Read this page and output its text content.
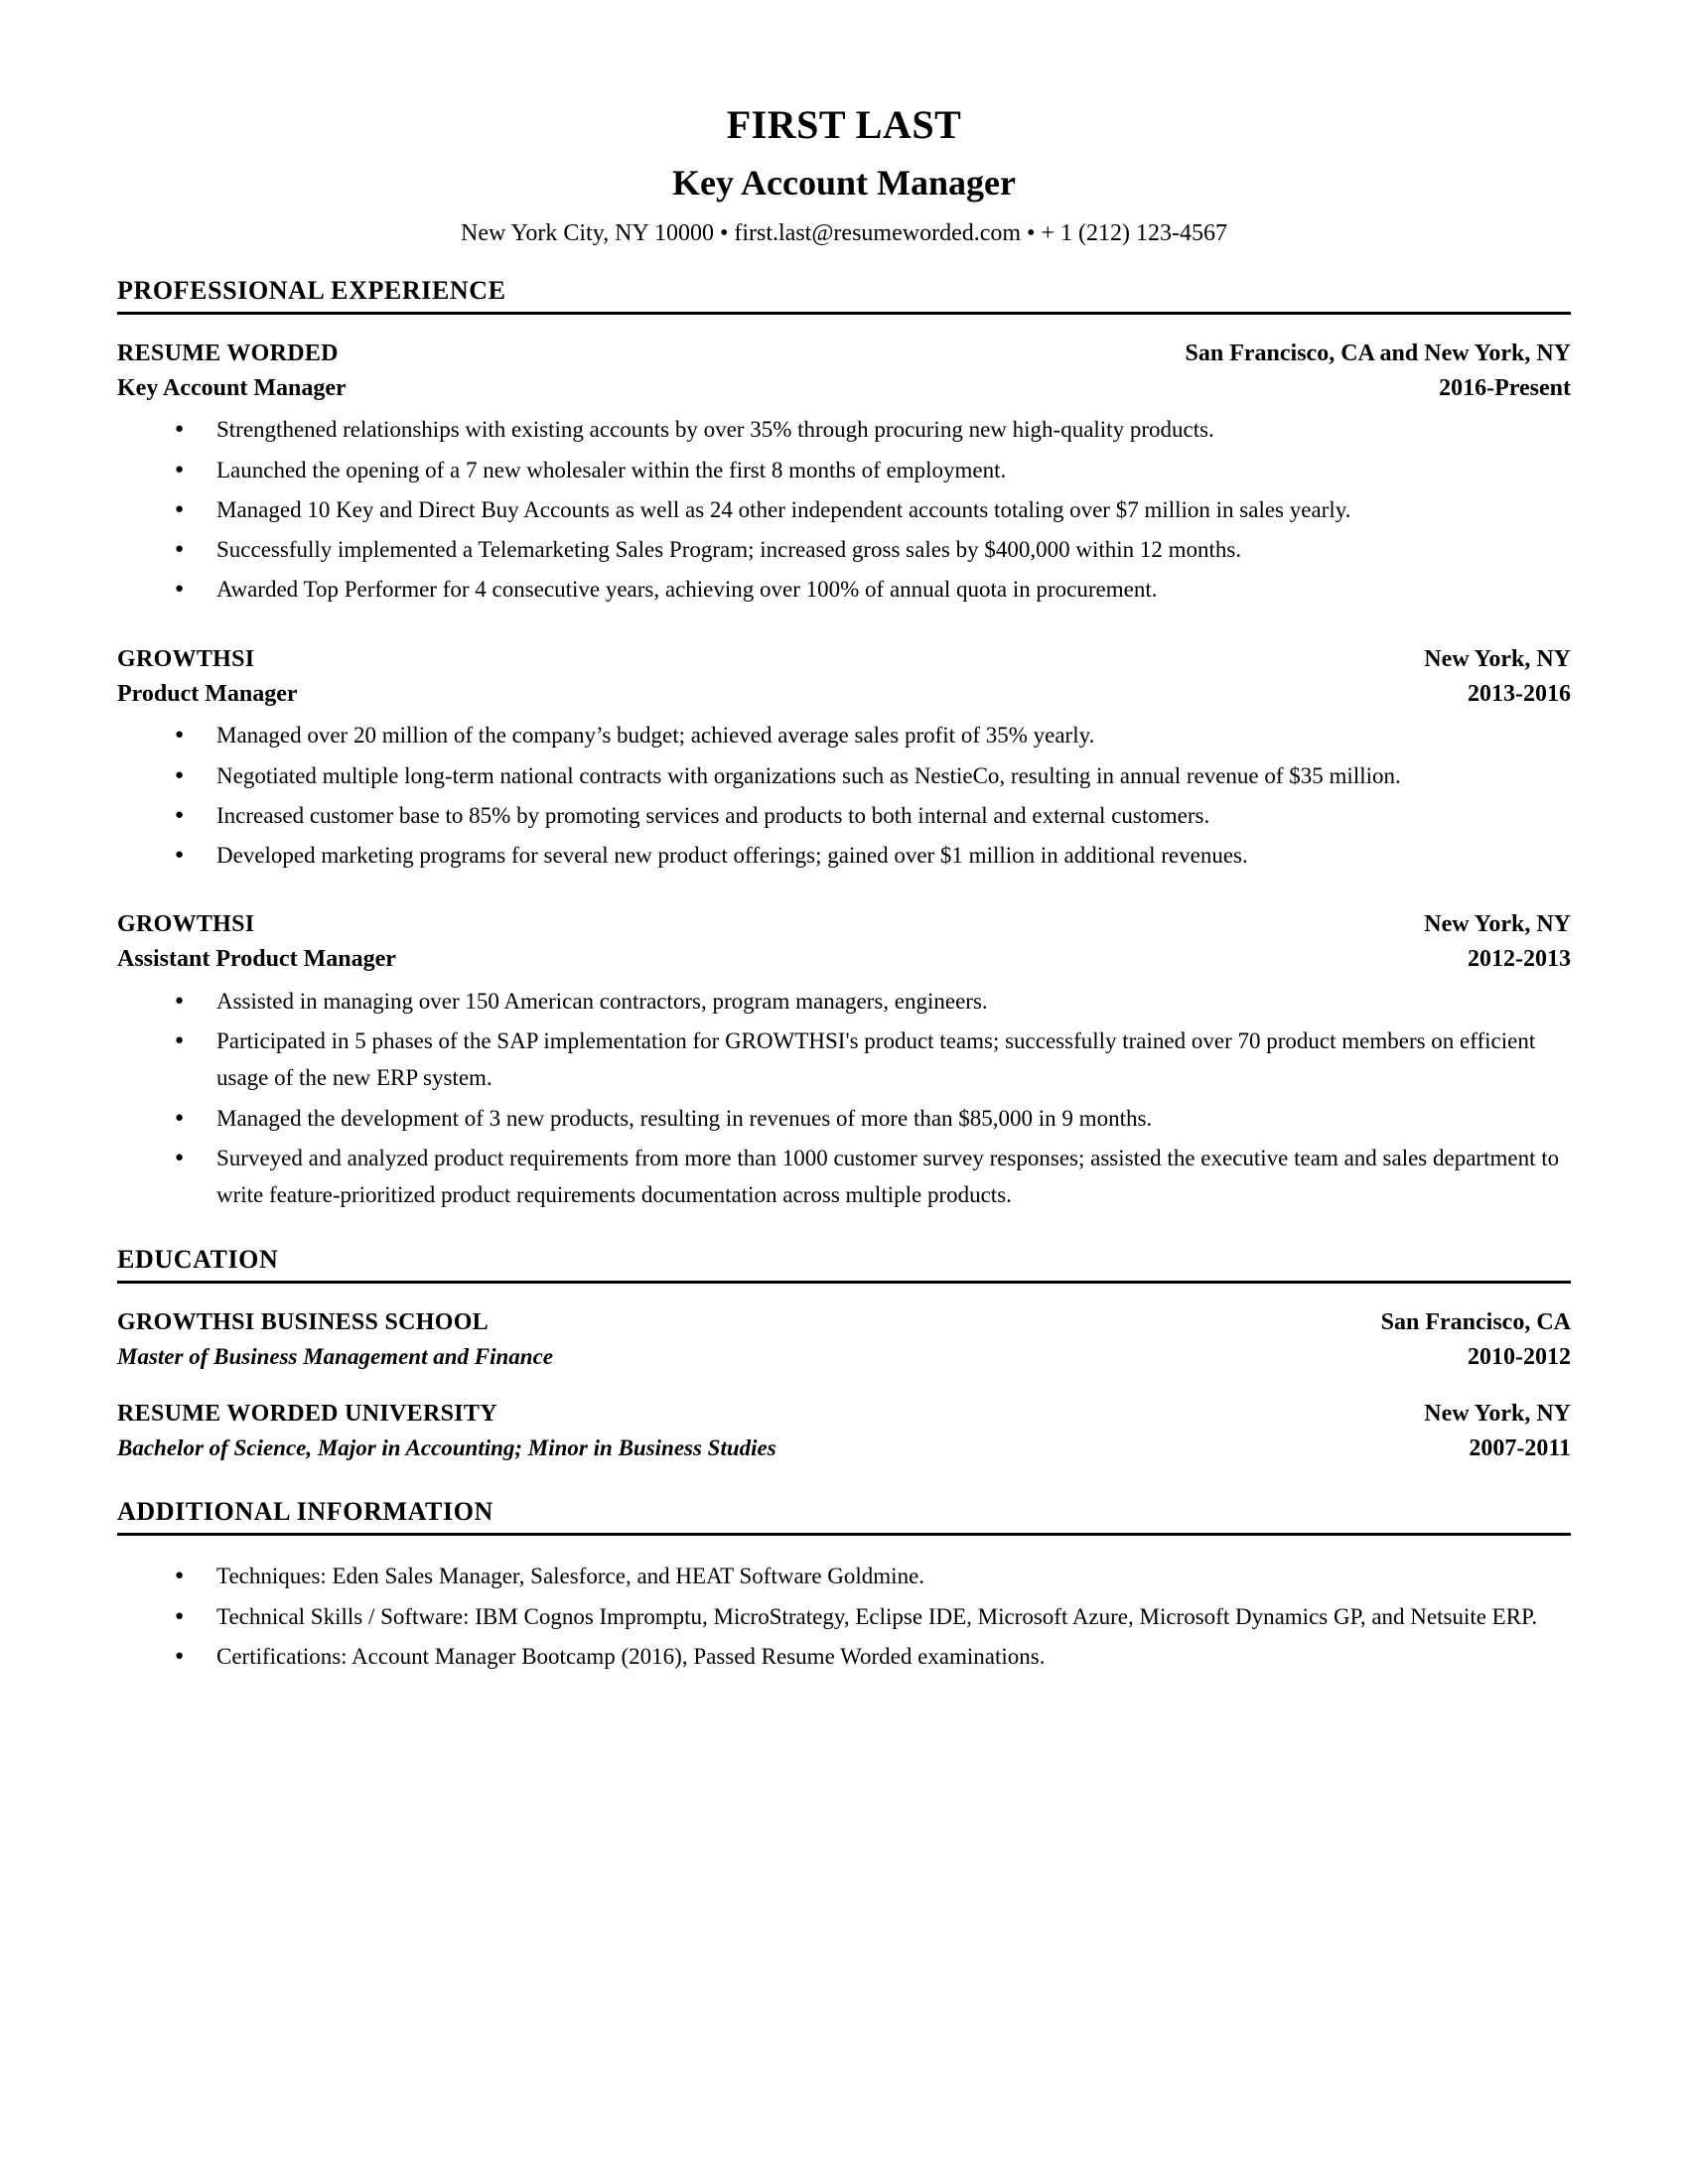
FIRST LAST
Key Account Manager
New York City, NY 10000 • first.last@resumeworded.com • + 1 (212) 123-4567
PROFESSIONAL EXPERIENCE
RESUME WORDED	San Francisco, CA and New York, NY
Key Account Manager	2016-Present
● Strengthened relationships with existing accounts by over 35% through procuring new high-quality products.
● Launched the opening of a 7 new wholesaler within the first 8 months of employment.
● Managed 10 Key and Direct Buy Accounts as well as 24 other independent accounts totaling over $7 million in sales yearly.
● Successfully implemented a Telemarketing Sales Program; increased gross sales by $400,000 within 12 months.
● Awarded Top Performer for 4 consecutive years, achieving over 100% of annual quota in procurement.
GROWTHSI	New York, NY
Product Manager	2013-2016
● Managed over 20 million of the company’s budget; achieved average sales profit of 35% yearly.
● Negotiated multiple long-term national contracts with organizations such as NestieCo, resulting in annual revenue of $35 million.
● Increased customer base to 85% by promoting services and products to both internal and external customers.
● Developed marketing programs for several new product offerings; gained over $1 million in additional revenues.
GROWTHSI	New York, NY
Assistant Product Manager	2012-2013
● Assisted in managing over 150 American contractors, program managers, engineers.
● Participated in 5 phases of the SAP implementation for GROWTHSI's product teams; successfully trained over 70 product members on efficient usage of the new ERP system.
● Managed the development of 3 new products, resulting in revenues of more than $85,000 in 9 months.
● Surveyed and analyzed product requirements from more than 1000 customer survey responses; assisted the executive team and sales department to write feature-prioritized product requirements documentation across multiple products.
EDUCATION
GROWTHSI BUSINESS SCHOOL	San Francisco, CA
Master of Business Management and Finance	2010-2012
RESUME WORDED UNIVERSITY	New York, NY
Bachelor of Science, Major in Accounting; Minor in Business Studies	2007-2011
ADDITIONAL INFORMATION
● Techniques: Eden Sales Manager, Salesforce, and HEAT Software Goldmine.
● Technical Skills / Software: IBM Cognos Impromptu, MicroStrategy, Eclipse IDE, Microsoft Azure, Microsoft Dynamics GP, and Netsuite ERP.
● Certifications: Account Manager Bootcamp (2016), Passed Resume Worded examinations.
